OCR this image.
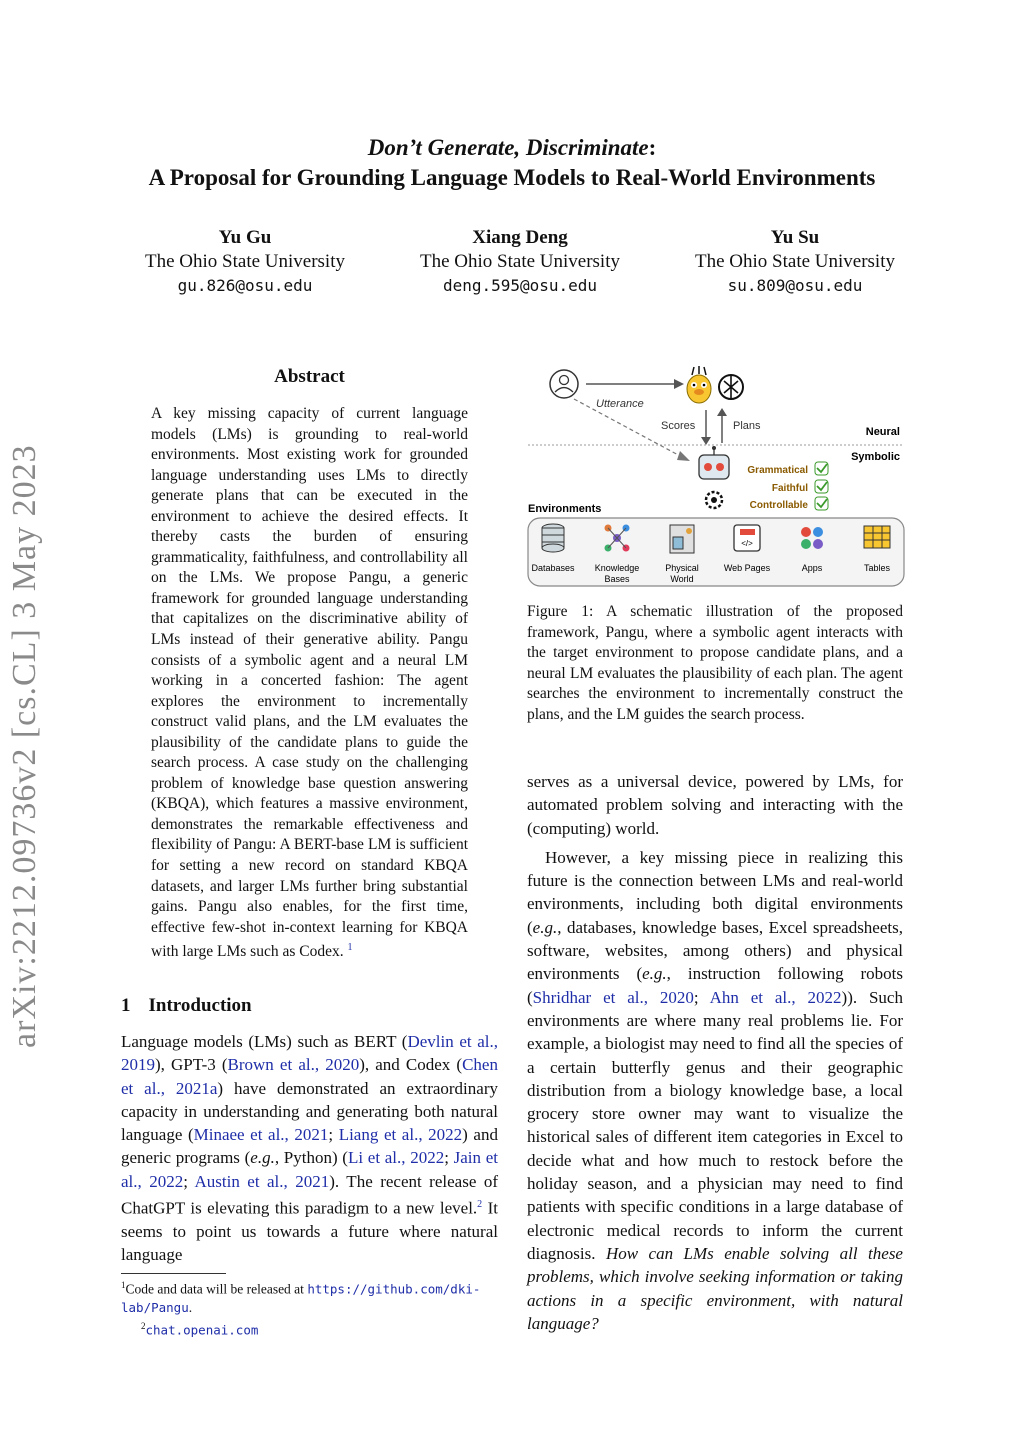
arXiv:2212.09736v2 [cs.CL] 3 May 2023
Don’t Generate, Discriminate:
A Proposal for Grounding Language Models to Real-World Environments
Yu Gu
The Ohio State University
gu.826@osu.edu
Xiang Deng
The Ohio State University
deng.595@osu.edu
Yu Su
The Ohio State University
su.809@osu.edu
Abstract
A key missing capacity of current language models (LMs) is grounding to real-world environments. Most existing work for grounded language understanding uses LMs to directly generate plans that can be executed in the environment to achieve the desired effects. It thereby casts the burden of ensuring grammaticality, faithfulness, and controllability all on the LMs. We propose Pangu, a generic framework for grounded language understanding that capitalizes on the discriminative ability of LMs instead of their generative ability. Pangu consists of a symbolic agent and a neural LM working in a concerted fashion: The agent explores the environment to incrementally construct valid plans, and the LM evaluates the plausibility of the candidate plans to guide the search process. A case study on the challenging problem of knowledge base question answering (KBQA), which features a massive environment, demonstrates the remarkable effectiveness and flexibility of Pangu: A BERT-base LM is sufficient for setting a new record on standard KBQA datasets, and larger LMs further bring substantial gains. Pangu also enables, for the first time, effective few-shot in-context learning for KBQA with large LMs such as Codex. $^1$
1 Introduction
Language models (LMs) such as BERT (Devlin et al., 2019), GPT-3 (Brown et al., 2020), and Codex (Chen et al., 2021a) have demonstrated an extraordinary capacity in understanding and generating both natural language (Minaee et al., 2021; Liang et al., 2022) and generic programs (e.g., Python) (Li et al., 2022; Jain et al., 2022; Austin et al., 2021). The recent release of ChatGPT is elevating this paradigm to a new level.$^2$ It seems to point us towards a future where natural language
$^1$Code and data will be released at https://github.com/dki-lab/Pangu.
$^2$chat.openai.com
Utterance
Scores	Plans	Neural
Symbolic
Grammatical
Faithful
Controllable
Environments
</>
Databases Knowledge
Bases
Physical
World
Web Pages	Apps	Tables
Figure 1: A schematic illustration of the proposed framework, Pangu, where a symbolic agent interacts with the target environment to propose candidate plans, and a neural LM evaluates the plausibility of each plan. The agent searches the environment to incrementally construct the plans, and the LM guides the search process.

serves as a universal device, powered by LMs, for automated problem solving and interacting with the (computing) world.

However, a key missing piece in realizing this future is the connection between LMs and real-world environments, including both digital environments (e.g., databases, knowledge bases, Excel spreadsheets, software, websites, among others) and physical environments (e.g., instruction following robots (Shridhar et al., 2020; Ahn et al., 2022)). Such environments are where many real problems lie. For example, a biologist may need to find all the species of a certain butterfly genus and their geographic distribution from a biology knowledge base, a local grocery store owner may want to visualize the historical sales of different item categories in Excel to decide what and how much to restock before the holiday season, and a physician may need to find patients with specific conditions in a large database of electronic medical records to inform the current diagnosis. How can LMs enable solving all these problems, which involve seeking information or taking actions in a specific environment, with natural language?
